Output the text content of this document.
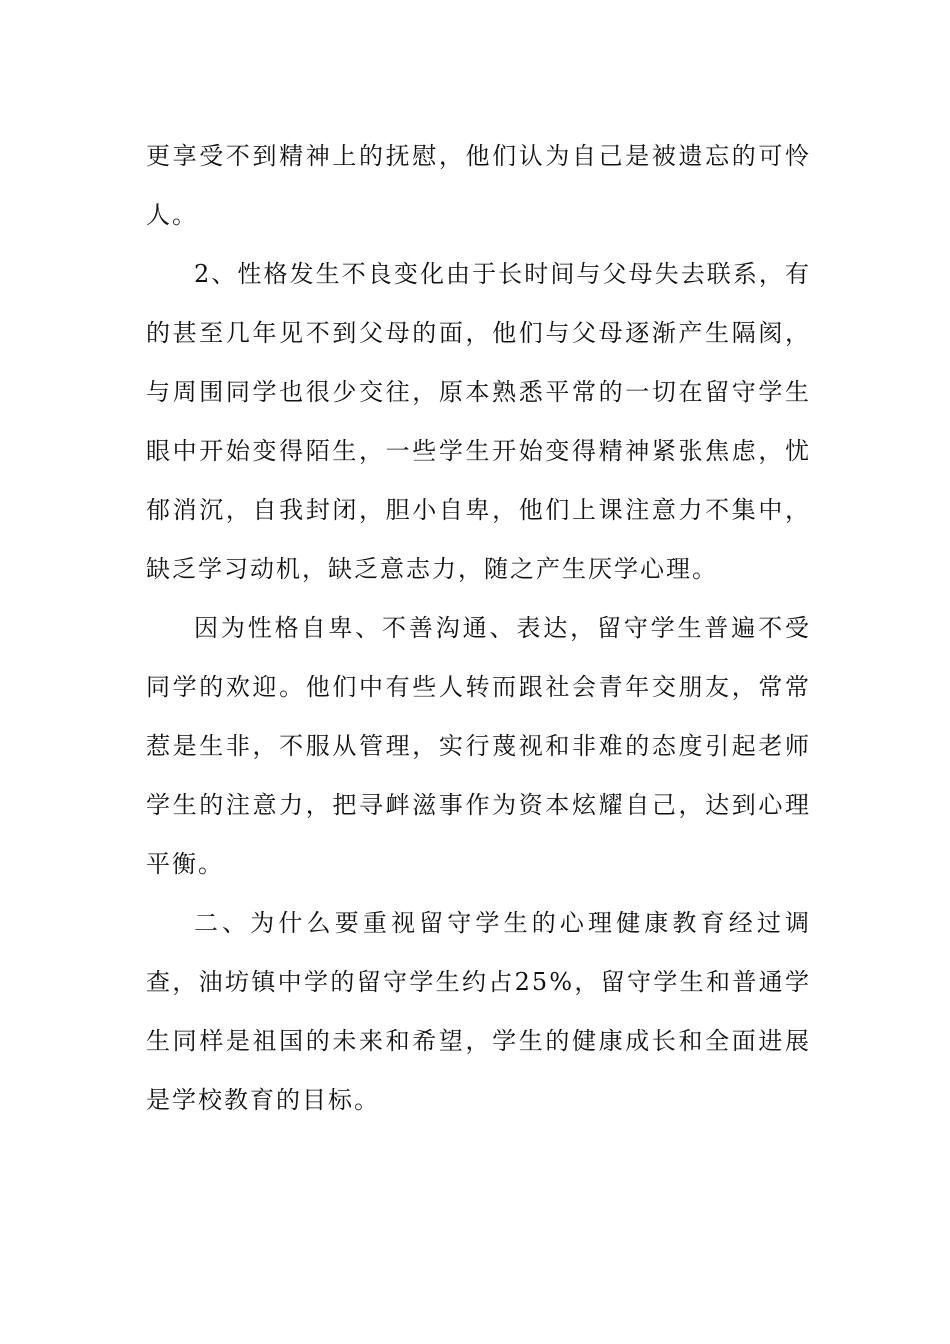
更享受不到精神上的抚慰，他们认为自己是被遗忘的可怜人。

2、性格发生不良变化由于长时间与父母失去联系，有的甚至几年见不到父母的面，他们与父母逐渐产生隔阂，与周围同学也很少交往，原本熟悉平常的一切在留守学生眼中开始变得陌生，一些学生开始变得精神紧张焦虑，忧郁消沉，自我封闭，胆小自卑，他们上课注意力不集中，缺乏学习动机，缺乏意志力，随之产生厌学心理。

因为性格自卑、不善沟通、表达，留守学生普遍不受同学的欢迎。他们中有些人转而跟社会青年交朋友，常常惹是生非，不服从管理，实行蔑视和非难的态度引起老师学生的注意力，把寻衅滋事作为资本炫耀自己，达到心理平衡。

二、为什么要重视留守学生的心理健康教育经过调查，油坊镇中学的留守学生约占25%，留守学生和普通学生同样是祖国的未来和希望，学生的健康成长和全面进展是学校教育的目标。
